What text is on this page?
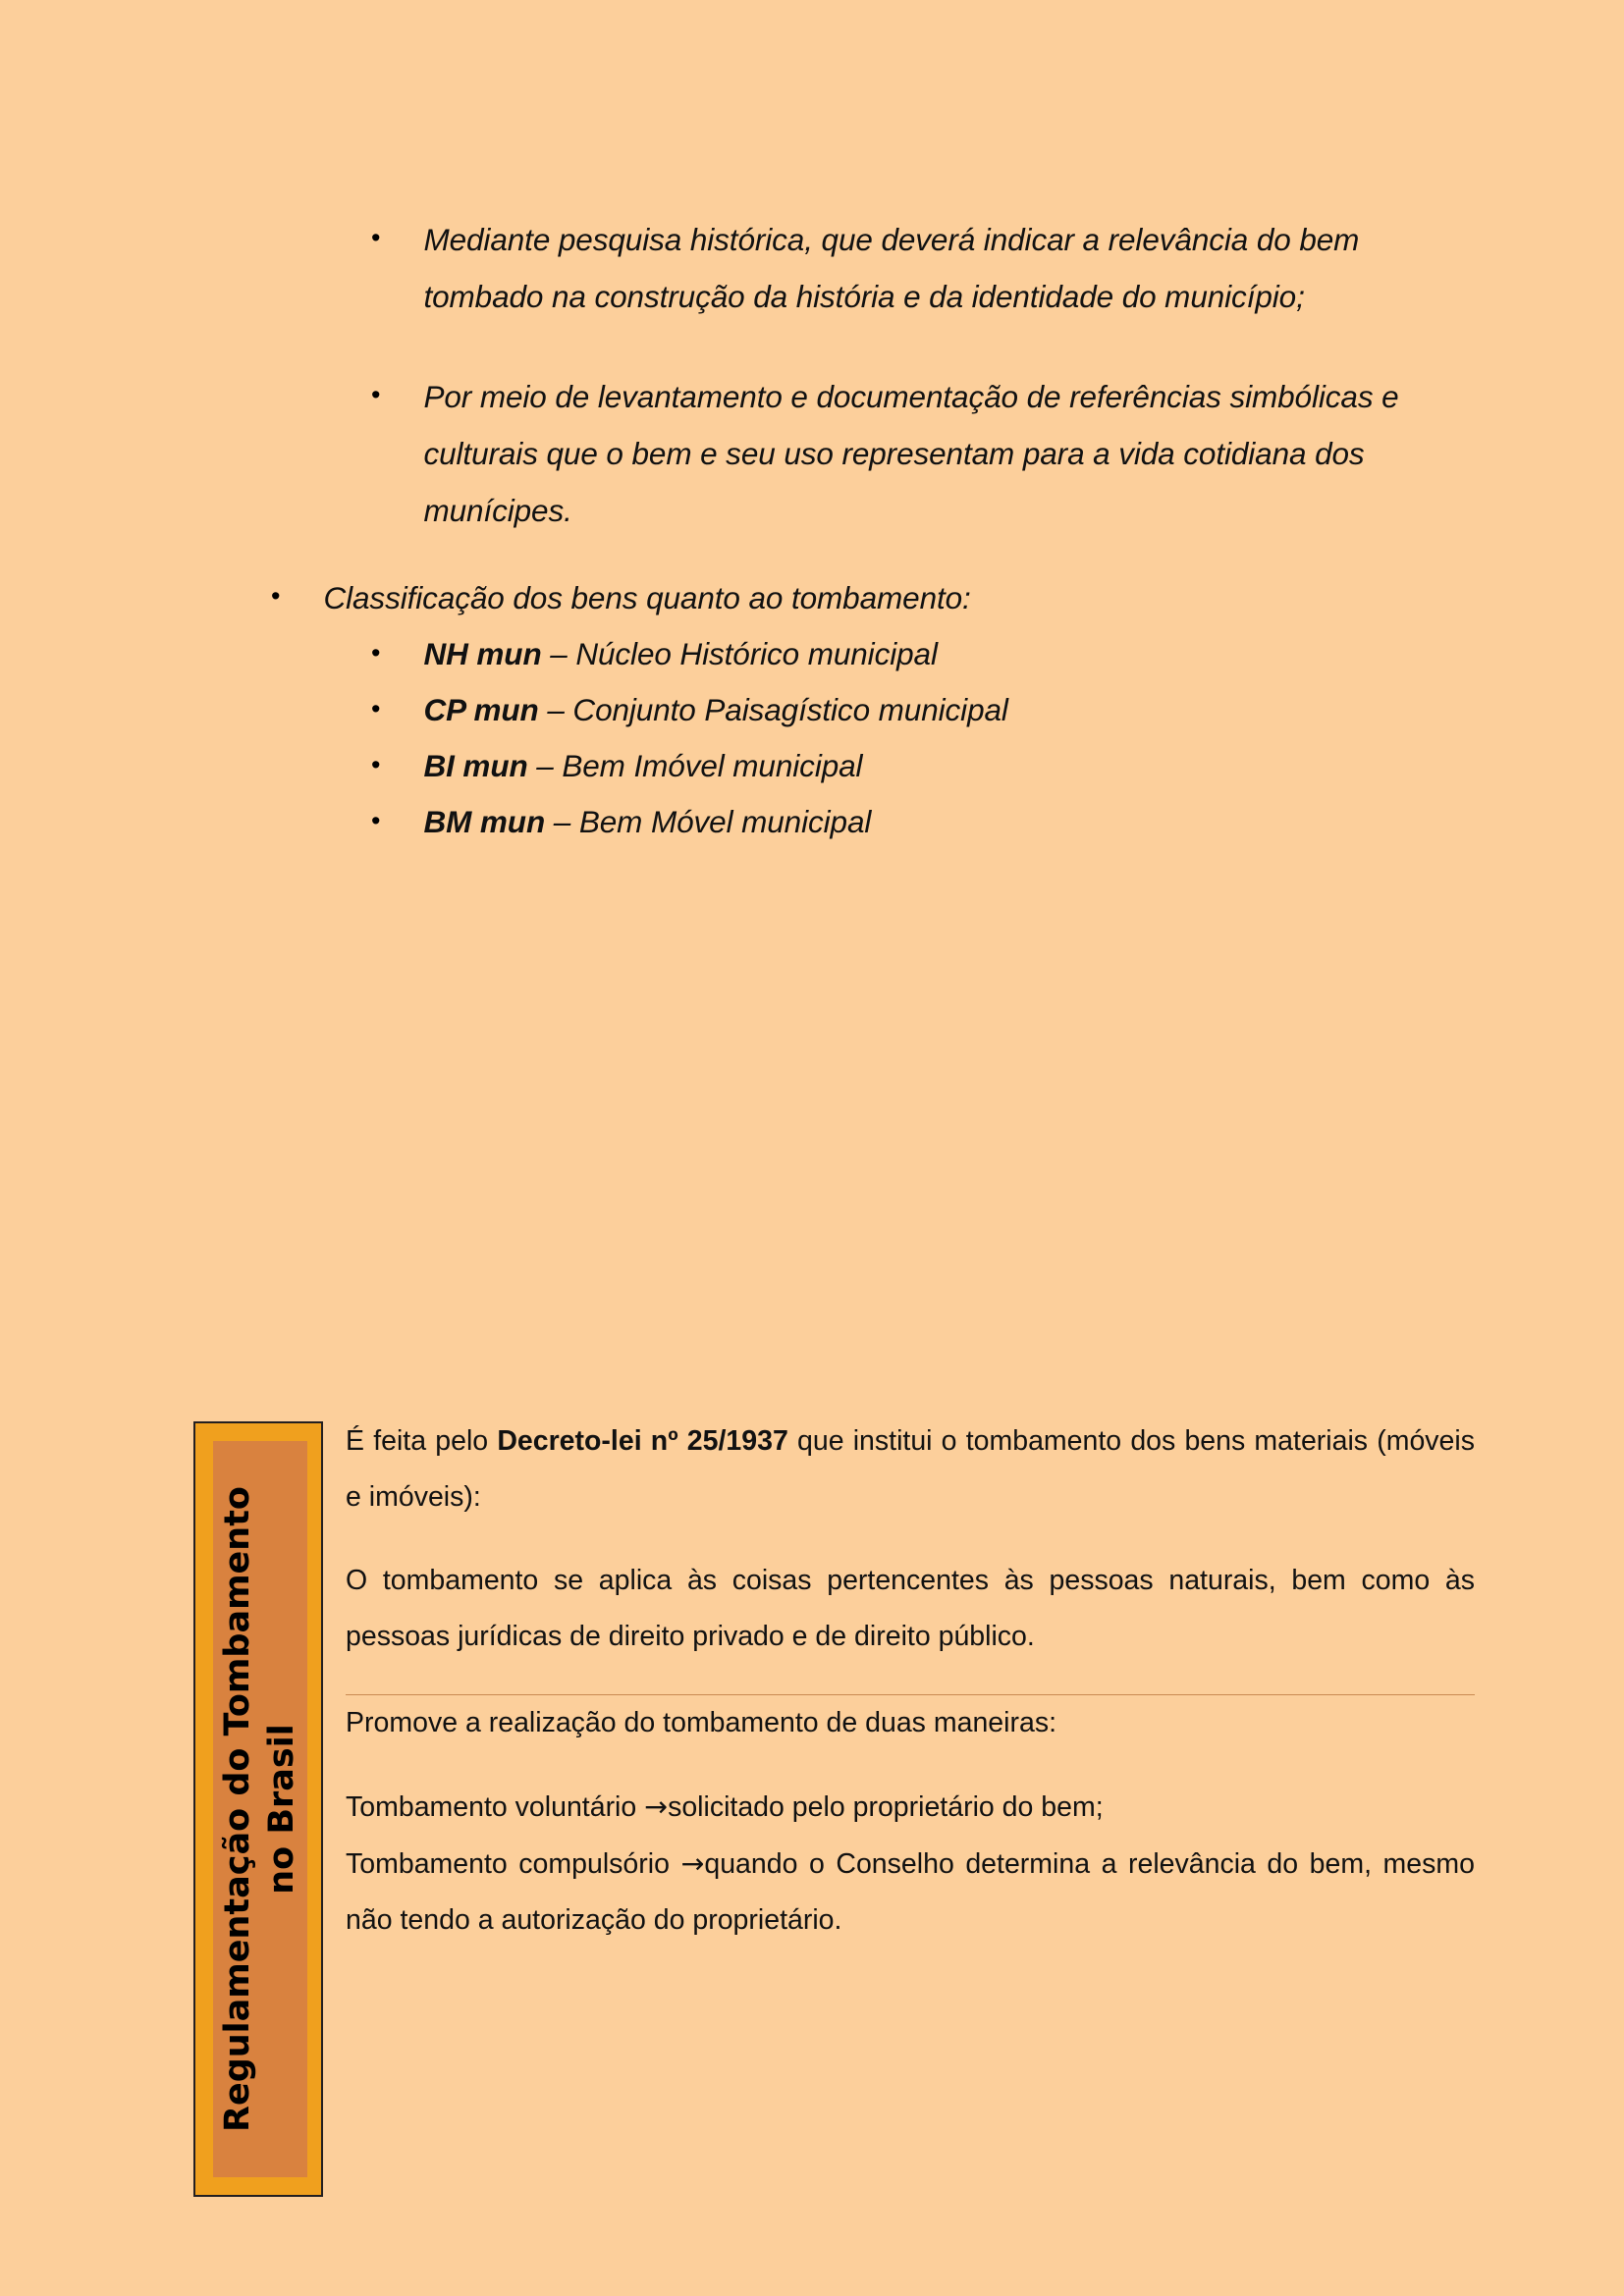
• Mediante pesquisa histórica, que deverá indicar a relevância do bem tombado na construção da história e da identidade do município;
• Por meio de levantamento e documentação de referências simbólicas e culturais que o bem e seu uso representam para a vida cotidiana dos munícipes.
• Classificação dos bens quanto ao tombamento:
• NH mun – Núcleo Histórico municipal
• CP mun – Conjunto Paisagístico municipal
• BI mun – Bem Imóvel municipal
• BM mun – Bem Móvel municipal
Regulamentação do Tombamento no Brasil

É feita pelo Decreto-lei nº 25/1937 que institui o tombamento dos bens materiais (móveis e imóveis):

O tombamento se aplica às coisas pertencentes às pessoas naturais, bem como às pessoas jurídicas de direito privado e de direito público.

Promove a realização do tombamento de duas maneiras:

Tombamento voluntário →solicitado pelo proprietário do bem;

Tombamento compulsório →quando o Conselho determina a relevância do bem, mesmo não tendo a autorização do proprietário.
